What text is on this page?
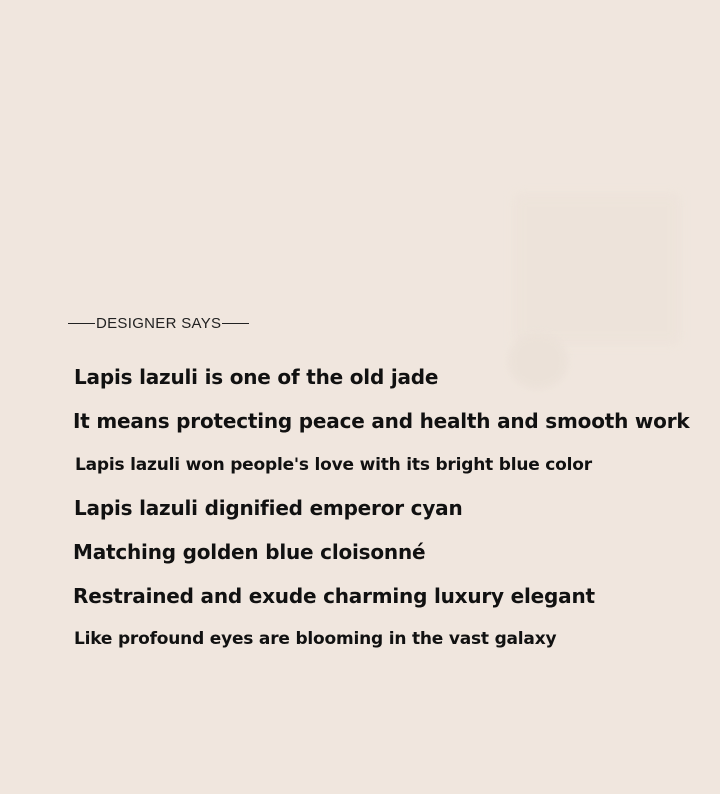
DESIGNER SAYS
Lapis lazuli is one of the old jade
It means protecting peace and health and smooth work
Lapis lazuli won people's love with its bright blue color
Lapis lazuli dignified emperor cyan
Matching golden blue cloisonné
Restrained and exude charming luxury elegant
Like profound eyes are blooming in the vast galaxy
